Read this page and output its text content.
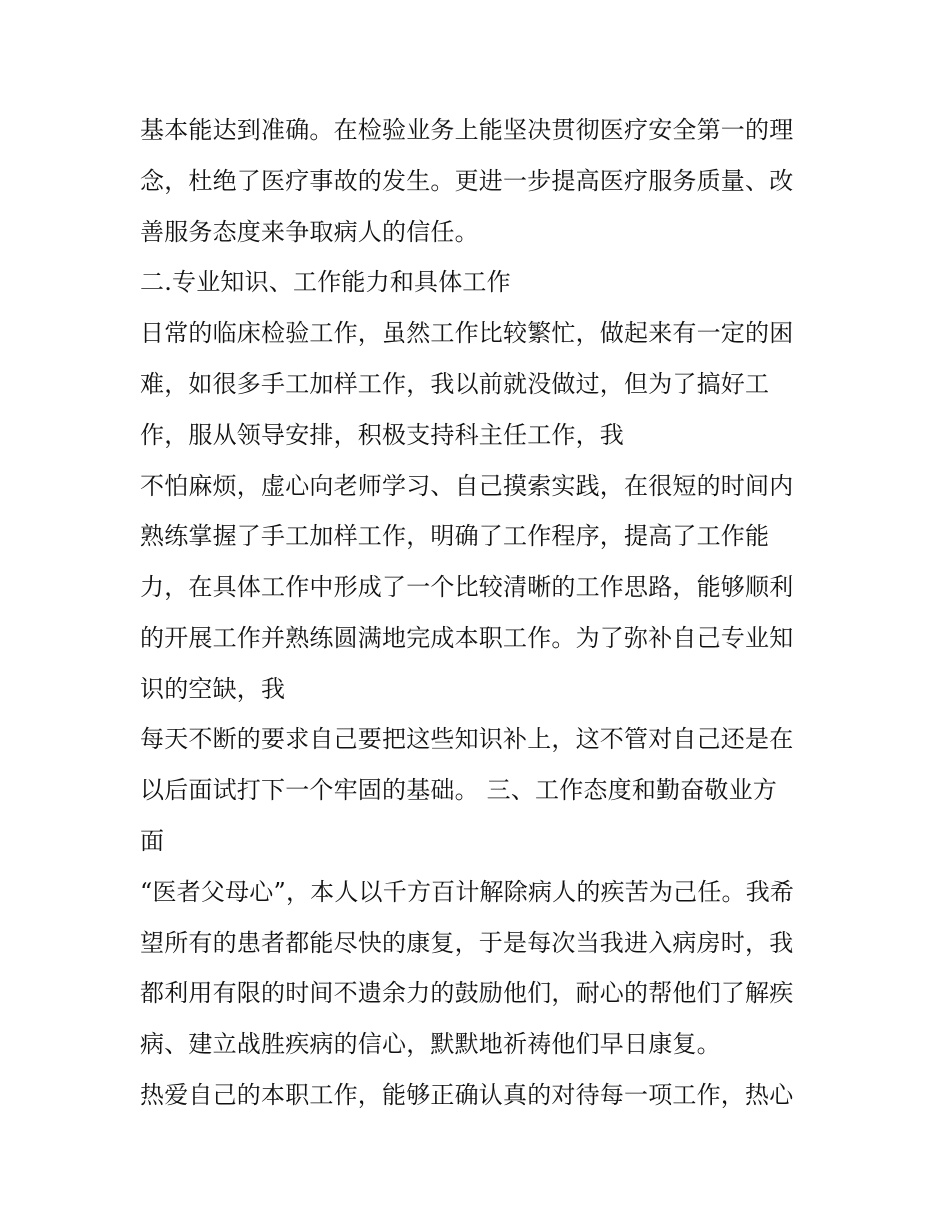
基本能达到准确。在检验业务上能坚决贯彻医疗安全第一的理

念，杜绝了医疗事故的发生。更进一步提高医疗服务质量、改

善服务态度来争取病人的信任。

二.专业知识、工作能力和具体工作

日常的临床检验工作，虽然工作比较繁忙，做起来有一定的困

难，如很多手工加样工作，我以前就没做过，但为了搞好工

作，服从领导安排，积极支持科主任工作，我

不怕麻烦，虚心向老师学习、自己摸索实践，在很短的时间内

熟练掌握了手工加样工作，明确了工作程序，提高了工作能

力，在具体工作中形成了一个比较清晰的工作思路，能够顺利

的开展工作并熟练圆满地完成本职工作。为了弥补自己专业知

识的空缺，我

每天不断的要求自己要把这些知识补上，这不管对自己还是在

以后面试打下一个牢固的基础。 三、工作态度和勤奋敬业方

面

“医者父母心”，本人以千方百计解除病人的疾苦为己任。我希

望所有的患者都能尽快的康复，于是每次当我进入病房时，我

都利用有限的时间不遗余力的鼓励他们，耐心的帮他们了解疾

病、建立战胜疾病的信心，默默地祈祷他们早日康复。

热爱自己的本职工作，能够正确认真的对待每一项工作，热心
